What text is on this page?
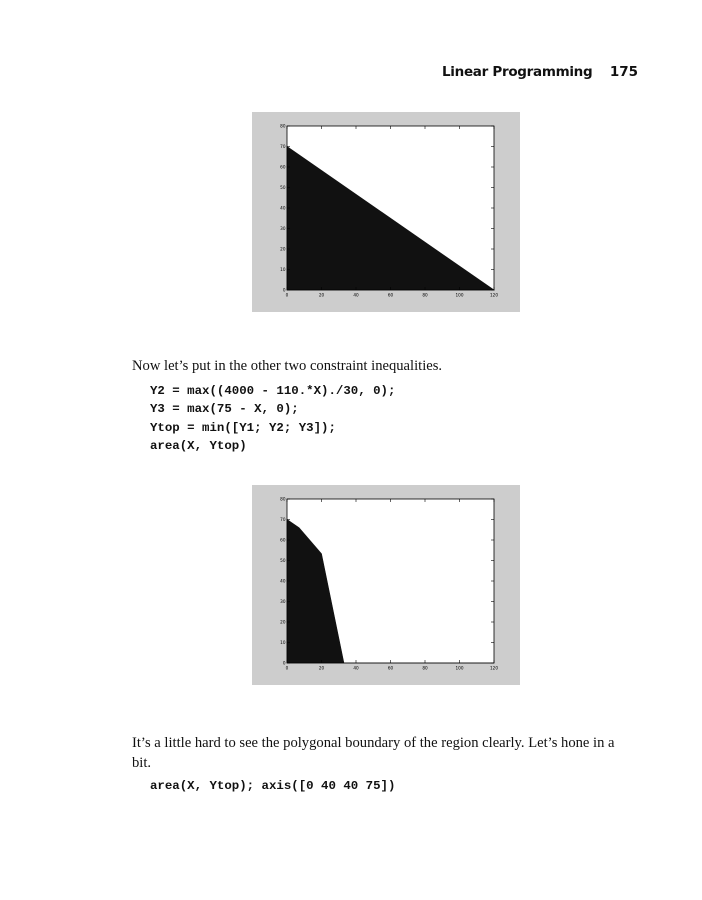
Linear Programming 175
0	20	40	60	80	100	120
0
10
20
30
40
50
60
70
80

Now let’s put in the other two constraint inequalities.

Y2 = max((4000 - 110.*X)./30, 0);
Y3 = max(75 - X, 0);
Ytop = min([Y1; Y2; Y3]);
area(X, Ytop)
0	20	40	60	80	100	120
0
10
20
30
40
50
60
70
80

It’s a little hard to see the polygonal boundary of the region clearly. Let’s hone in a bit.

area(X, Ytop); axis([0 40 40 75])
